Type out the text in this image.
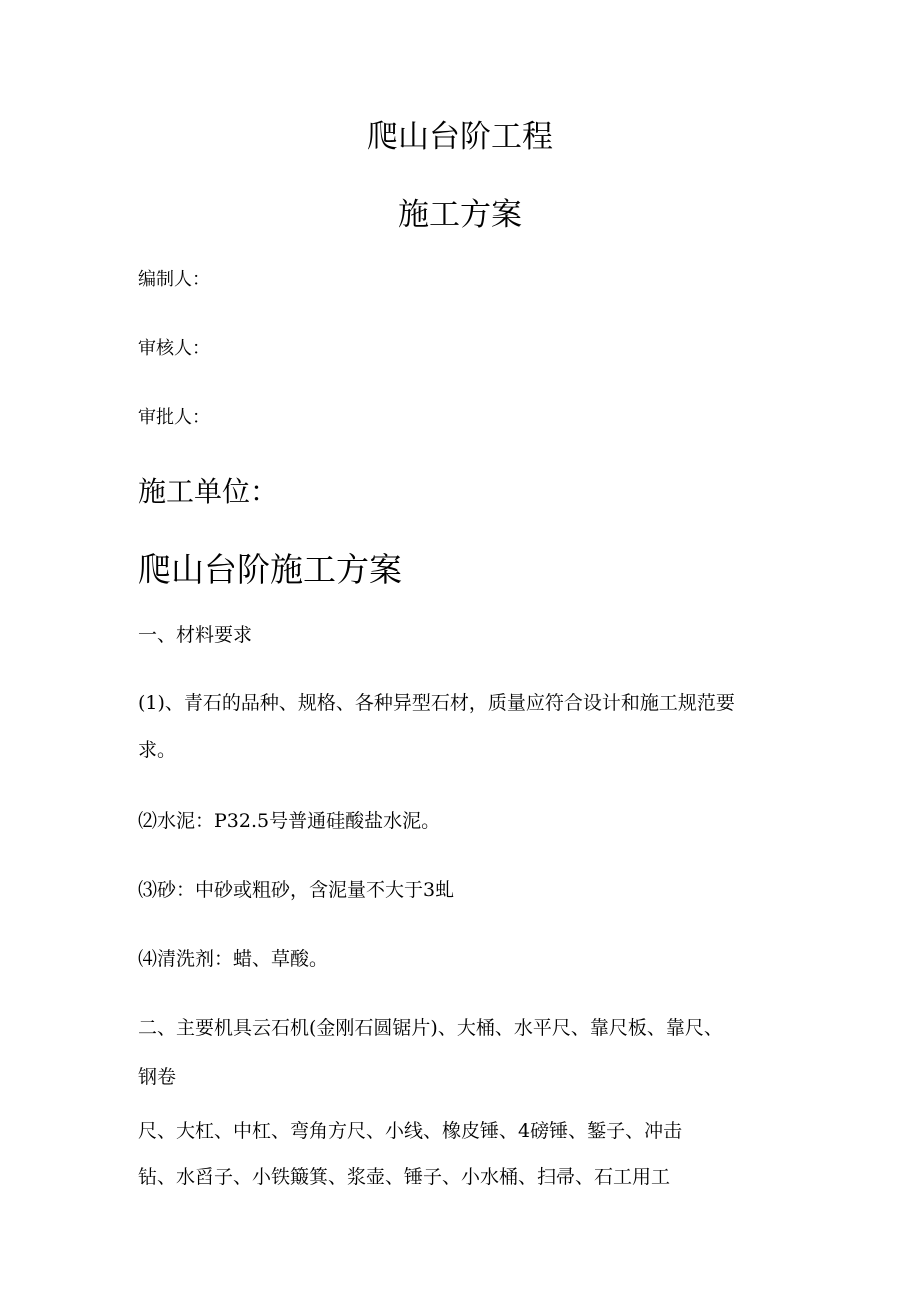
爬山台阶工程
施工方案
编制人：
审核人：
审批人：
施工单位：
爬山台阶施工方案
一、材料要求
(1)、青石的品种、规格、各种异型石材，质量应符合设计和施工规范要
求。
⑵水泥：P32.5号普通硅酸盐水泥。
⑶砂：中砂或粗砂，含泥量不大于3虬
⑷清洗剂：蜡、草酸。
二、主要机具云石机(金刚石圆锯片)、大桶、水平尺、靠尺板、靠尺、
钢卷
尺、大杠、中杠、弯角方尺、小线、橡皮锤、4磅锤、錾子、冲击
钻、水舀子、小铁簸箕、浆壶、锤子、小水桶、扫帚、石工用工
